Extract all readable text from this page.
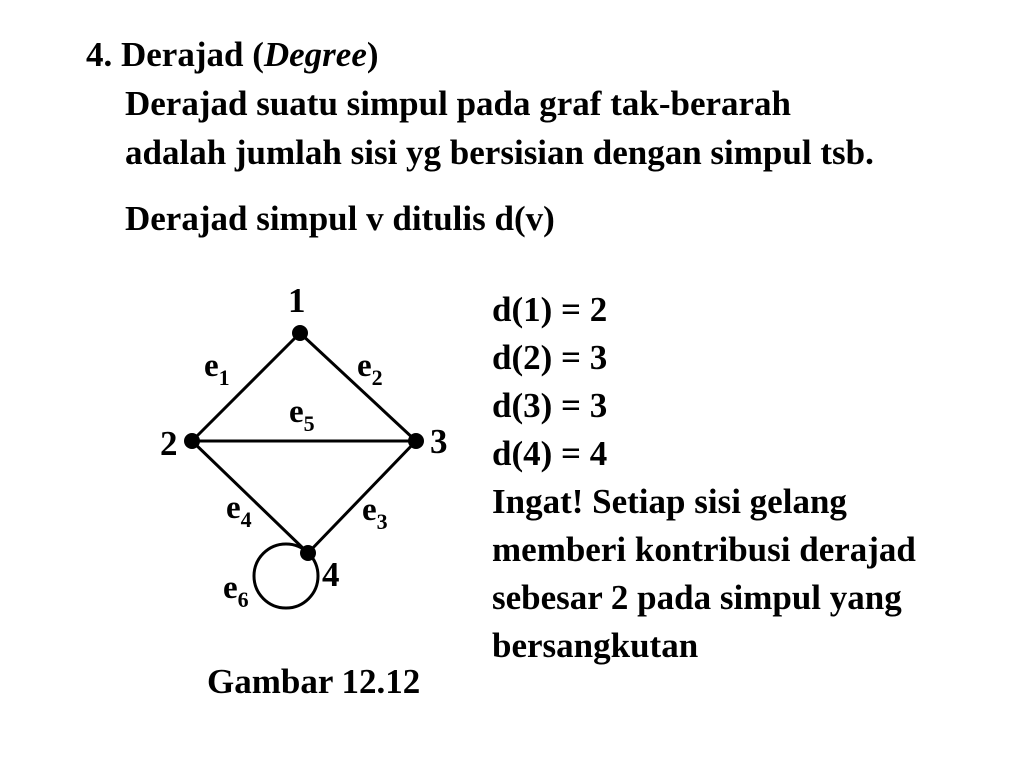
4. Derajad (Degree)
Derajad suatu simpul pada graf tak-berarah
adalah jumlah sisi yg bersisian dengan simpul tsb.
Derajad simpul v ditulis d(v)
1
2	3
4
$e_1$	$e_2$
$e_5$
$e_4$	$e_3$
$e_6$
Gambar 12.12
d(1) = 2
d(2) = 3
d(3) = 3
d(4) = 4
Ingat! Setiap sisi gelang
memberi kontribusi derajad
sebesar 2 pada simpul yang
bersangkutan
